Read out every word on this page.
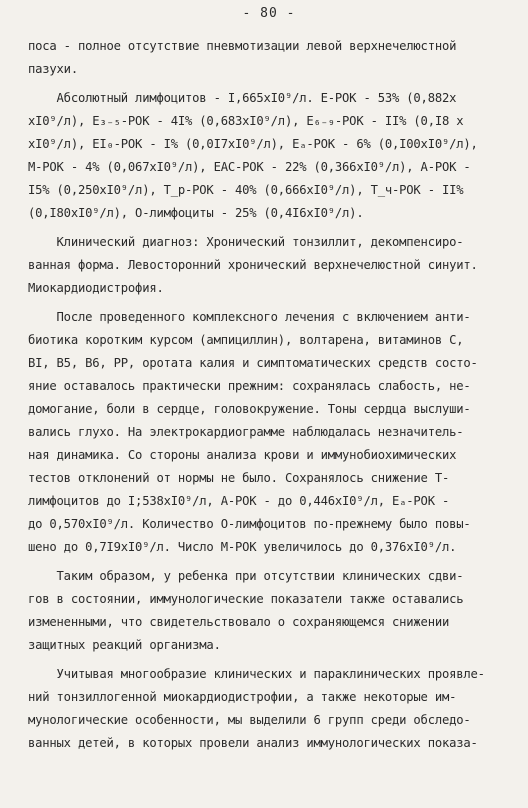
- 80 -
поса - полное отсутствие пневмотизации левой верхнечелюстной
пазухи.
Абсолютный лимфоцитов - I,665xI0⁹/л. Е-РОК - 53% (0,882х
хI0⁹/л), Е₃₋₅-РОК - 4I% (0,683xI0⁹/л), Е₆₋₉-РОК - II% (0,I8 х
хI0⁹/л), ЕI₀-РОК - I% (0,0I7xI0⁹/л), Eₐ-РОК - 6% (0,I00xI0⁹/л),
М-РОК - 4% (0,067xI0⁹/л), ЕАС-РОК - 22% (0,366xI0⁹/л), А-РОК -
I5% (0,250xI0⁹/л), Т_р-РОК - 40% (0,666xI0⁹/л), Т_ч-РОК - II%
(0,I80xI0⁹/л), О-лимфоциты - 25% (0,4I6xI0⁹/л).
Клинический диагноз: Хронический тонзиллит, декомпенсиро-
ванная форма. Левосторонний хронический верхнечелюстной синуит.
Миокардиодистрофия.
После проведенного комплексного лечения с включением анти-
биотика коротким курсом (ампициллин), волтарена, витаминов С,
BI, B5, B6, PP, оротата калия и симптоматических средств состо-
яние оставалось практически прежним: сохранялась слабость, не-
домогание, боли в сердце, головокружение. Тоны сердца выслуши-
вались глухо. На электрокардиограмме наблюдалась незначитель-
ная динамика. Со стороны анализа крови и иммунобиохимических
тестов отклонений от нормы не было. Сохранялось снижение Т-
лимфоцитов до I;538xI0⁹/л, А-РОК - до 0,446xI0⁹/л, Eₐ-РОК -
до 0,570xI0⁹/л. Количество О-лимфоцитов по-прежнему было повы-
шено до 0,7I9xI0⁹/л. Число М-РОК увеличилось до 0,376xI0⁹/л.
Таким образом, у ребенка при отсутствии клинических сдви-
гов в состоянии, иммунологические показатели также оставались
измененными, что свидетельствовало о сохраняющемся снижении
защитных реакций организма.
Учитывая многообразие клинических и параклинических проявле-
ний тонзиллогенной миокардиодистрофии, а также некоторые им-
мунологические особенности, мы выделили 6 групп среди обследо-
ванных детей, в которых провели анализ иммунологических показа-
